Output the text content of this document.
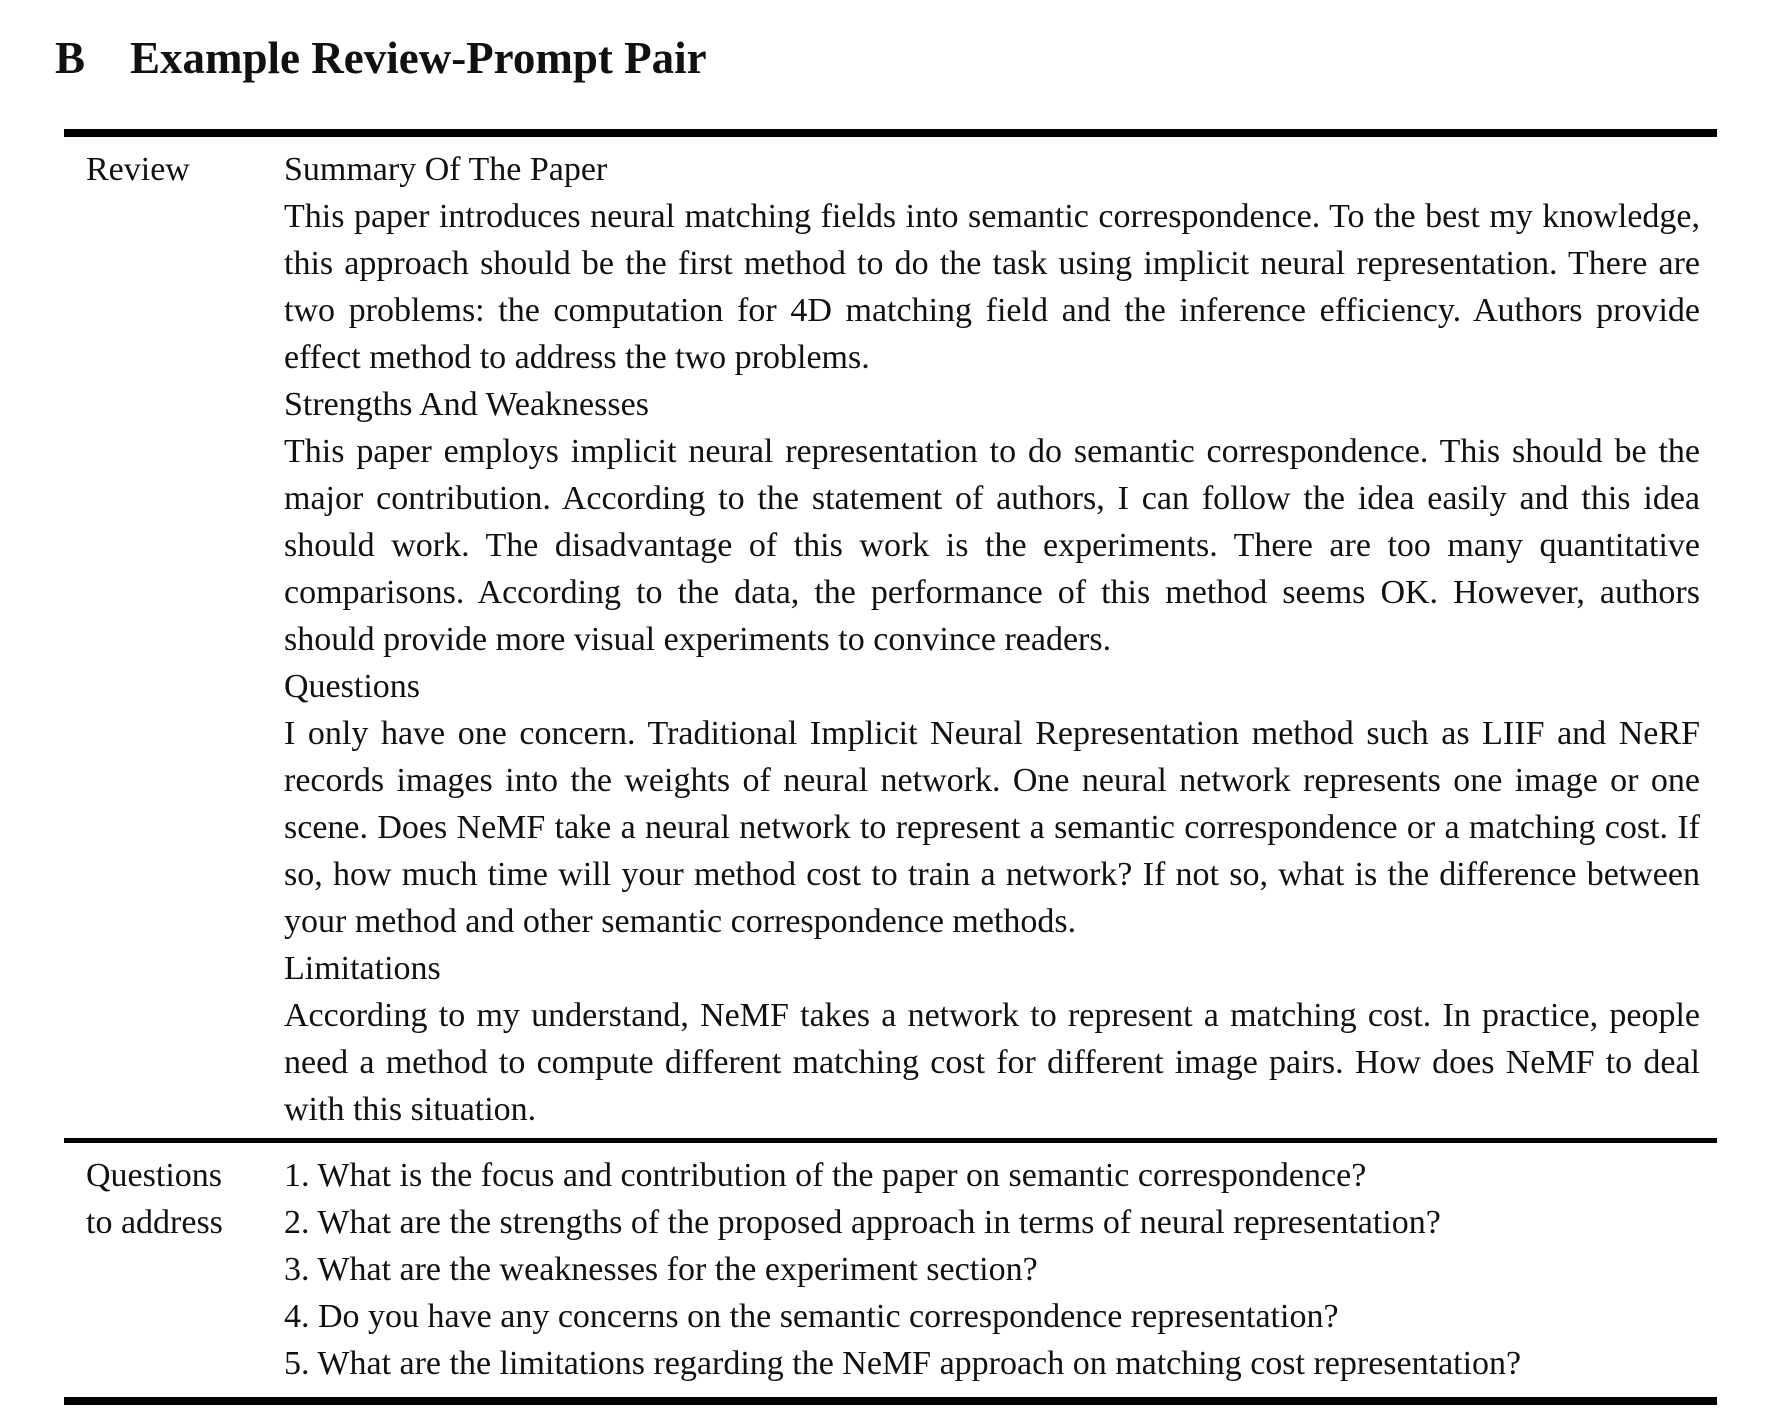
B Example Review-Prompt Pair
Review	Summary Of The Paper

This paper introduces neural matching fields into semantic correspondence. To the best my knowledge, this approach should be the first method to do the task using implicit neural representation. There are two problems: the computation for 4D matching field and the inference efficiency. Authors provide effect method to address the two problems.

Strengths And Weaknesses

This paper employs implicit neural representation to do semantic correspondence. This should be the major contribution. According to the statement of authors, I can follow the idea easily and this idea should work. The disadvantage of this work is the experiments. There are too many quantitative comparisons. According to the data, the performance of this method seems OK. However, authors should provide more visual experiments to convince readers.

Questions

I only have one concern. Traditional Implicit Neural Representation method such as LIIF and NeRF records images into the weights of neural network. One neural network represents one image or one scene. Does NeMF take a neural network to represent a semantic correspondence or a matching cost. If so, how much time will your method cost to train a network? If not so, what is the difference between your method and other semantic correspondence methods.

Limitations

According to my understand, NeMF takes a network to represent a matching cost. In practice, people need a method to compute different matching cost for different image pairs. How does NeMF to deal with this situation.

Questions
to address
1. What is the focus and contribution of the paper on semantic correspondence?
2. What are the strengths of the proposed approach in terms of neural representation?
3. What are the weaknesses for the experiment section?
4. Do you have any concerns on the semantic correspondence representation?
5. What are the limitations regarding the NeMF approach on matching cost representation?
